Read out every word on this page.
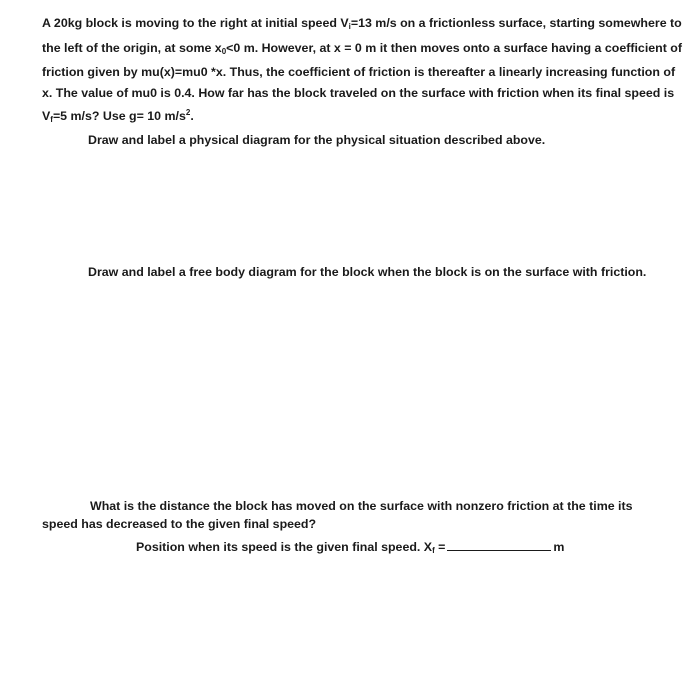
A 20kg block is moving to the right at initial speed $V_i=13$ m/s on a frictionless surface, starting somewhere to the left of the origin, at some $x_0<0$ m. However, at x = 0 m it then moves onto a surface having a coefficient of friction given by mu(x)=mu0 *x. Thus, the coefficient of friction is thereafter a linearly increasing function of x. The value of mu0 is 0.4. How far has the block traveled on the surface with friction when its final speed is $V_f=5$ m/s? Use g= 10 $m/s^2$.

Draw and label a physical diagram for the physical situation described above.

Draw and label a free body diagram for the block when the block is on the surface with friction.

What is the distance the block has moved on the surface with nonzero friction at the time its

speed has decreased to the given final speed?

Position when its speed is the given final speed. $X_f$ =	m
